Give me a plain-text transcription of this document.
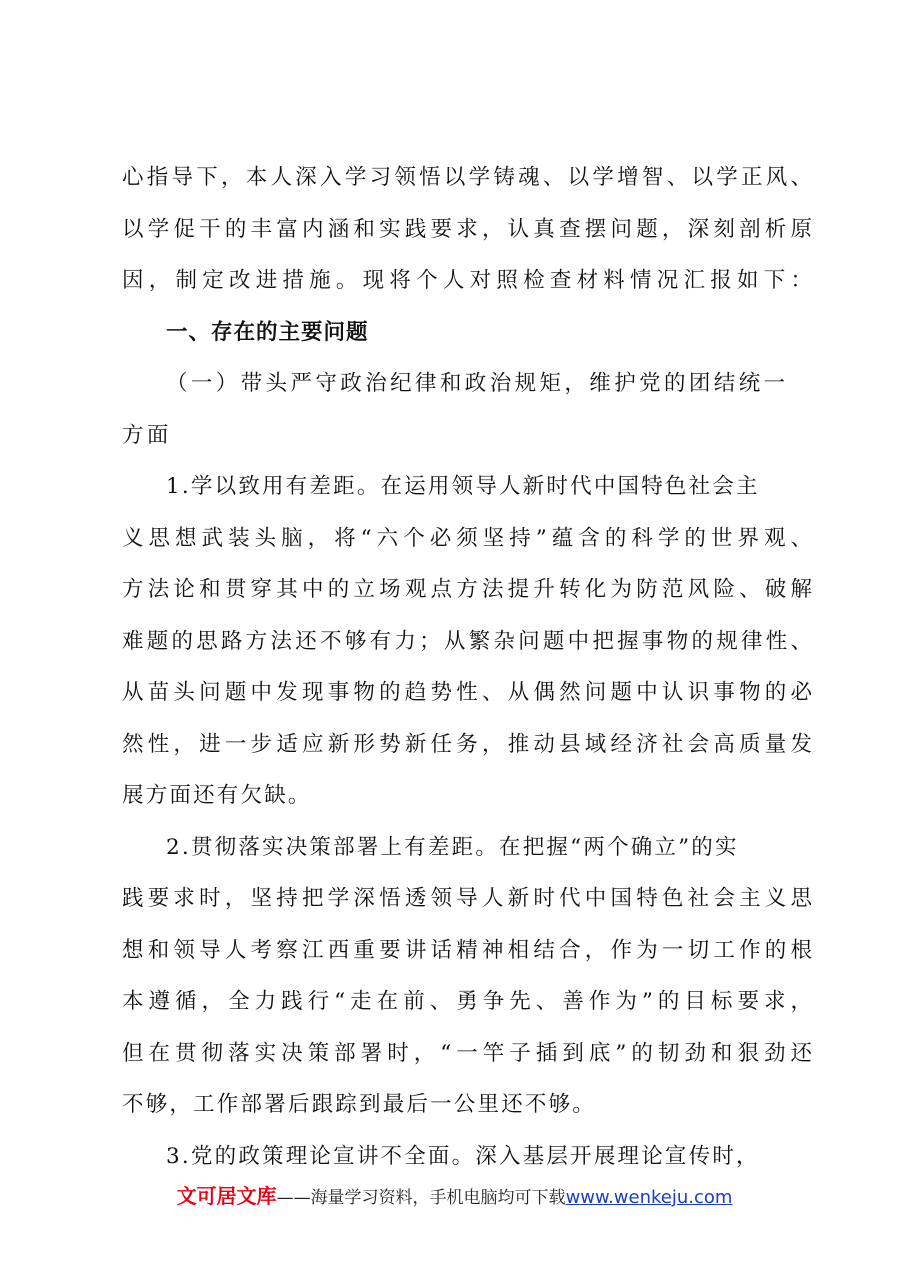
心指导下，本人深入学习领悟以学铸魂、以学增智、以学正风、
以学促干的丰富内涵和实践要求，认真查摆问题，深刻剖析原
因，制定改进措施。现将个人对照检查材料情况汇报如下：
一、存在的主要问题
（一）带头严守政治纪律和政治规矩，维护党的团结统一
方面
1.学以致用有差距。在运用领导人新时代中国特色社会主
义思想武装头脑，将“六个必须坚持”蕴含的科学的世界观、
方法论和贯穿其中的立场观点方法提升转化为防范风险、破解
难题的思路方法还不够有力；从繁杂问题中把握事物的规律性、
从苗头问题中发现事物的趋势性、从偶然问题中认识事物的必
然性，进一步适应新形势新任务，推动县域经济社会高质量发
展方面还有欠缺。
2.贯彻落实决策部署上有差距。在把握“两个确立”的实
践要求时，坚持把学深悟透领导人新时代中国特色社会主义思
想和领导人考察江西重要讲话精神相结合，作为一切工作的根
本遵循，全力践行“走在前、勇争先、善作为”的目标要求，
但在贯彻落实决策部署时，“一竿子插到底”的韧劲和狠劲还
不够，工作部署后跟踪到最后一公里还不够。
3.党的政策理论宣讲不全面。深入基层开展理论宣传时，
文可居文库——海量学习资料，手机电脑均可下载www.wenkeju.com
